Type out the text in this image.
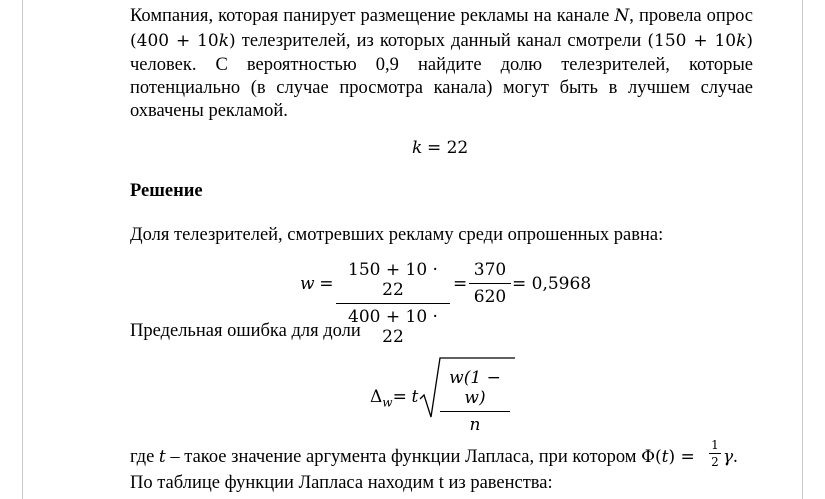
Компания, которая панирует размещение рекламы на канале N, провела опрос
(400 + 10k) телезрителей, из которых данный канал смотрели (150 + 10k)
человек. С вероятностью 0,9 найдите долю телезрителей, которые
потенциально (в случае просмотра канала) могут быть в лучшем случае
охвачены рекламой.
k = 22
Решение
Доля телезрителей, смотревших рекламу среди опрошенных равна:
w =
150 + 10 · 22
400 + 10 · 22
=
370
620
= 0,5968
Предельная ошибка для доли
$\Delta_w= t$
w(1 − w)
n
где t – такое значение аргумента функции Лапласа, при котором Φ(t) =
1
2 γ.
По таблице функции Лапласа находим t из равенства:
